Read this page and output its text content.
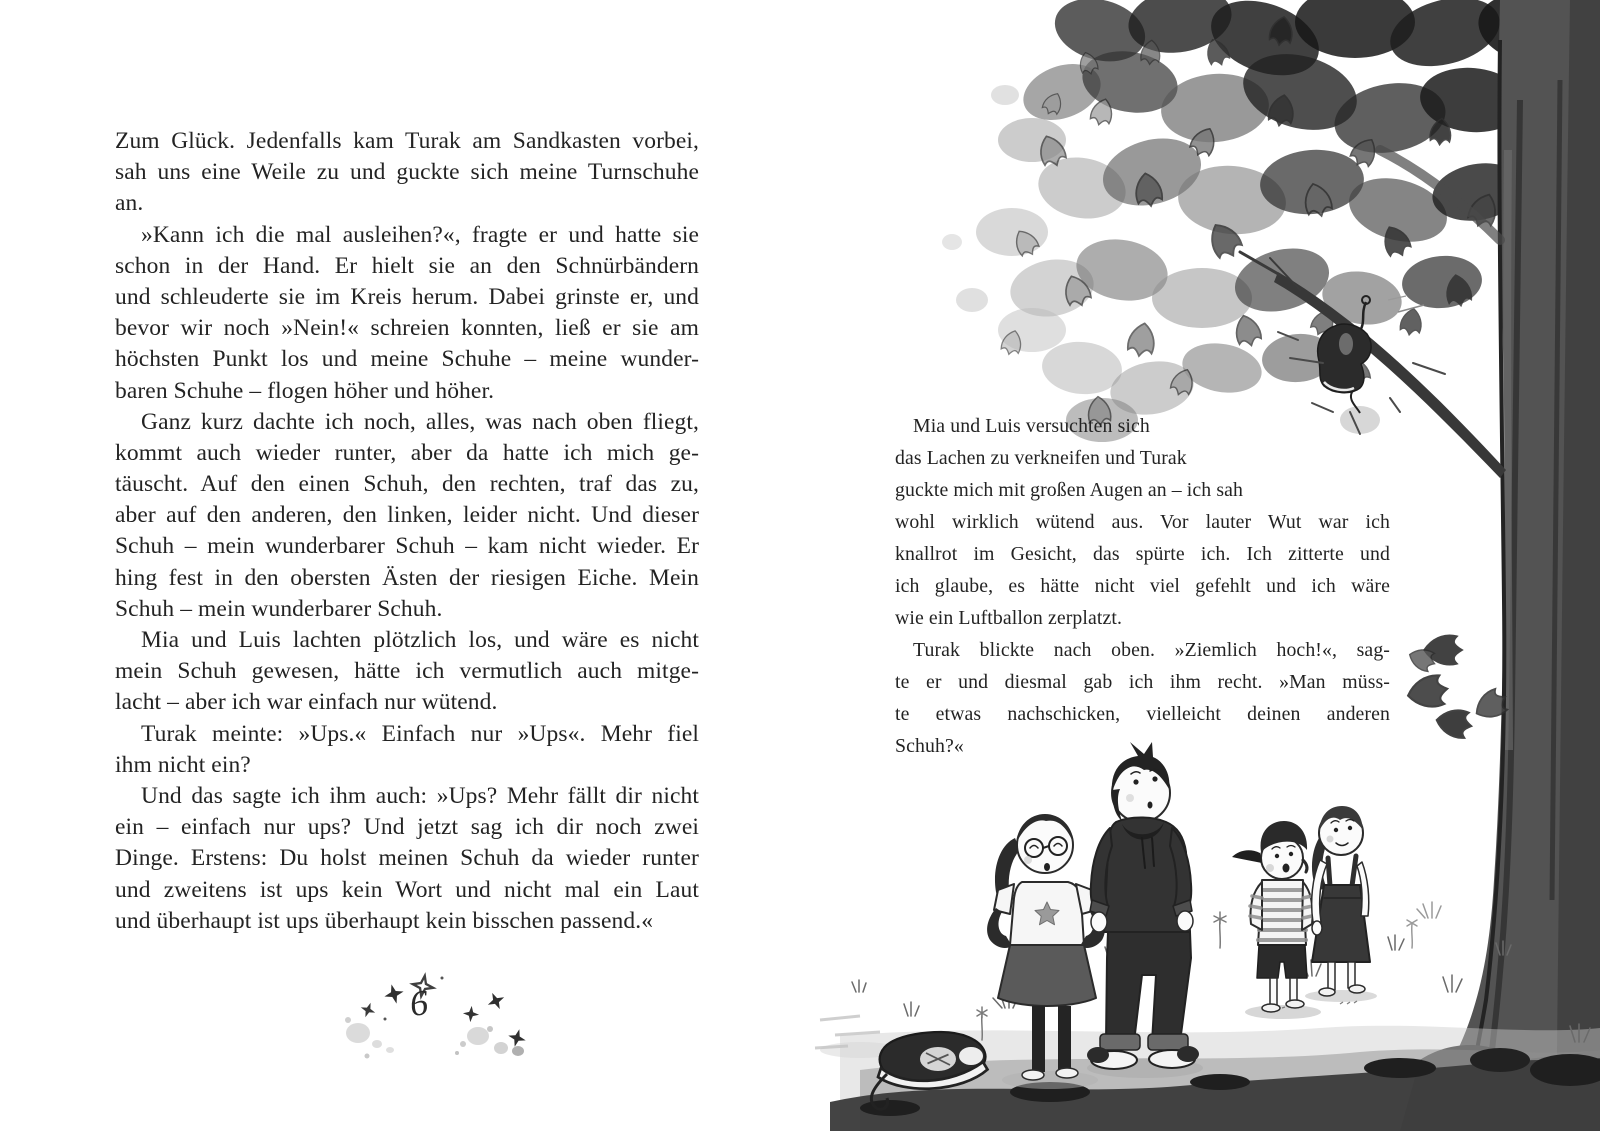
Zum Glück. Jedenfalls kam Turak am Sandkasten vorbei,
sah uns eine Weile zu und guckte sich meine Turnschuhe
an.
»Kann ich die mal ausleihen?«, fragte er und hatte sie
schon in der Hand. Er hielt sie an den Schnürbändern
und schleuderte sie im Kreis herum. Dabei grinste er, und
bevor wir noch »Nein!« schreien konnten, ließ er sie am
höchsten Punkt los und meine Schuhe – meine wunder-
baren Schuhe – flogen höher und höher.
Ganz kurz dachte ich noch, alles, was nach oben fliegt,
kommt auch wieder runter, aber da hatte ich mich ge-
täuscht. Auf den einen Schuh, den rechten, traf das zu,
aber auf den anderen, den linken, leider nicht. Und dieser
Schuh – mein wunderbarer Schuh – kam nicht wieder. Er
hing fest in den obersten Ästen der riesigen Eiche. Mein
Schuh – mein wunderbarer Schuh.
Mia und Luis lachten plötzlich los, und wäre es nicht
mein Schuh gewesen, hätte ich vermutlich auch mitge-
lacht – aber ich war einfach nur wütend.
Turak meinte: »Ups.« Einfach nur »Ups«. Mehr fiel
ihm nicht ein?
Und das sagte ich ihm auch: »Ups? Mehr fällt dir nicht
ein – einfach nur ups? Und jetzt sag ich dir noch zwei
Dinge. Erstens: Du holst meinen Schuh da wieder runter
und zweitens ist ups kein Wort und nicht mal ein Laut
und überhaupt ist ups überhaupt kein bisschen passend.«
6
Mia und Luis versuchten sich
das Lachen zu verkneifen und Turak
guckte mich mit großen Augen an – ich sah
wohl wirklich wütend aus. Vor lauter Wut war ich
knallrot im Gesicht, das spürte ich. Ich zitterte und
ich glaube, es hätte nicht viel gefehlt und ich wäre
wie ein Luftballon zerplatzt.
Turak blickte nach oben. »Ziemlich hoch!«, sag-
te er und diesmal gab ich ihm recht. »Man müss-
te etwas nachschicken, vielleicht deinen anderen
Schuh?«
